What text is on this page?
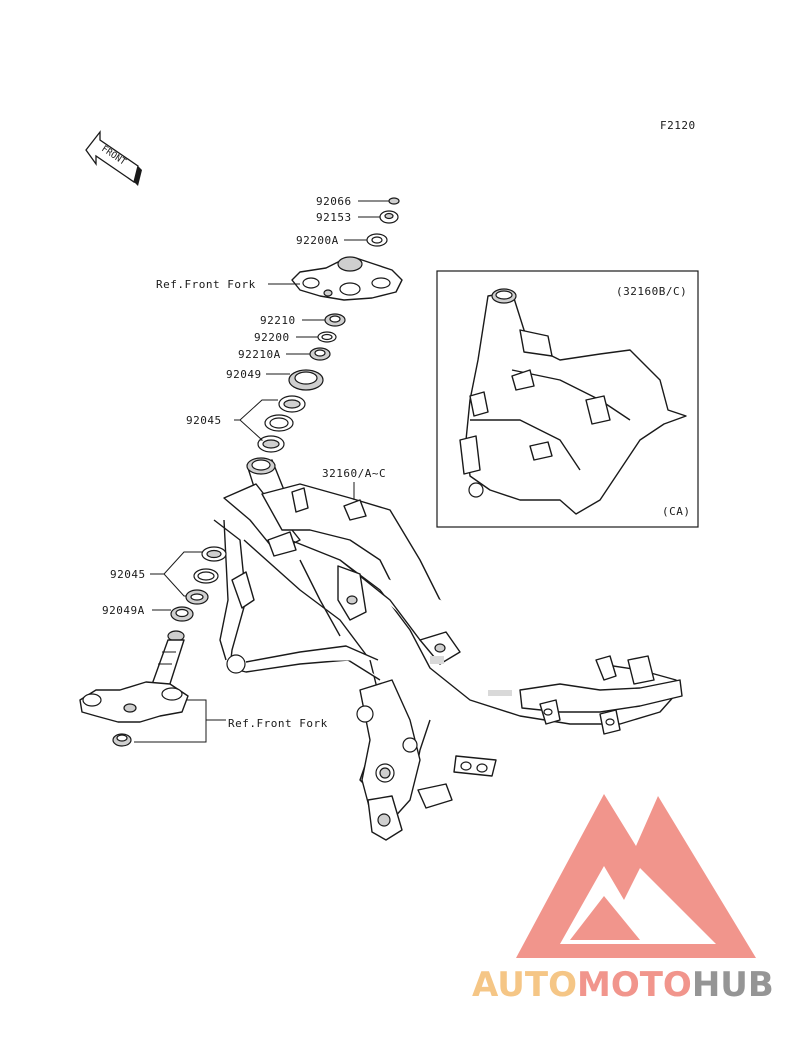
F2120
FRONT
92066
92153
92200A
Ref.Front Fork
92210
92200
92210A
92049
92045
32160/A~C
92045
92049A
Ref.Front Fork
(32160B/C)
(CA)
AUTOMOTOHUB
